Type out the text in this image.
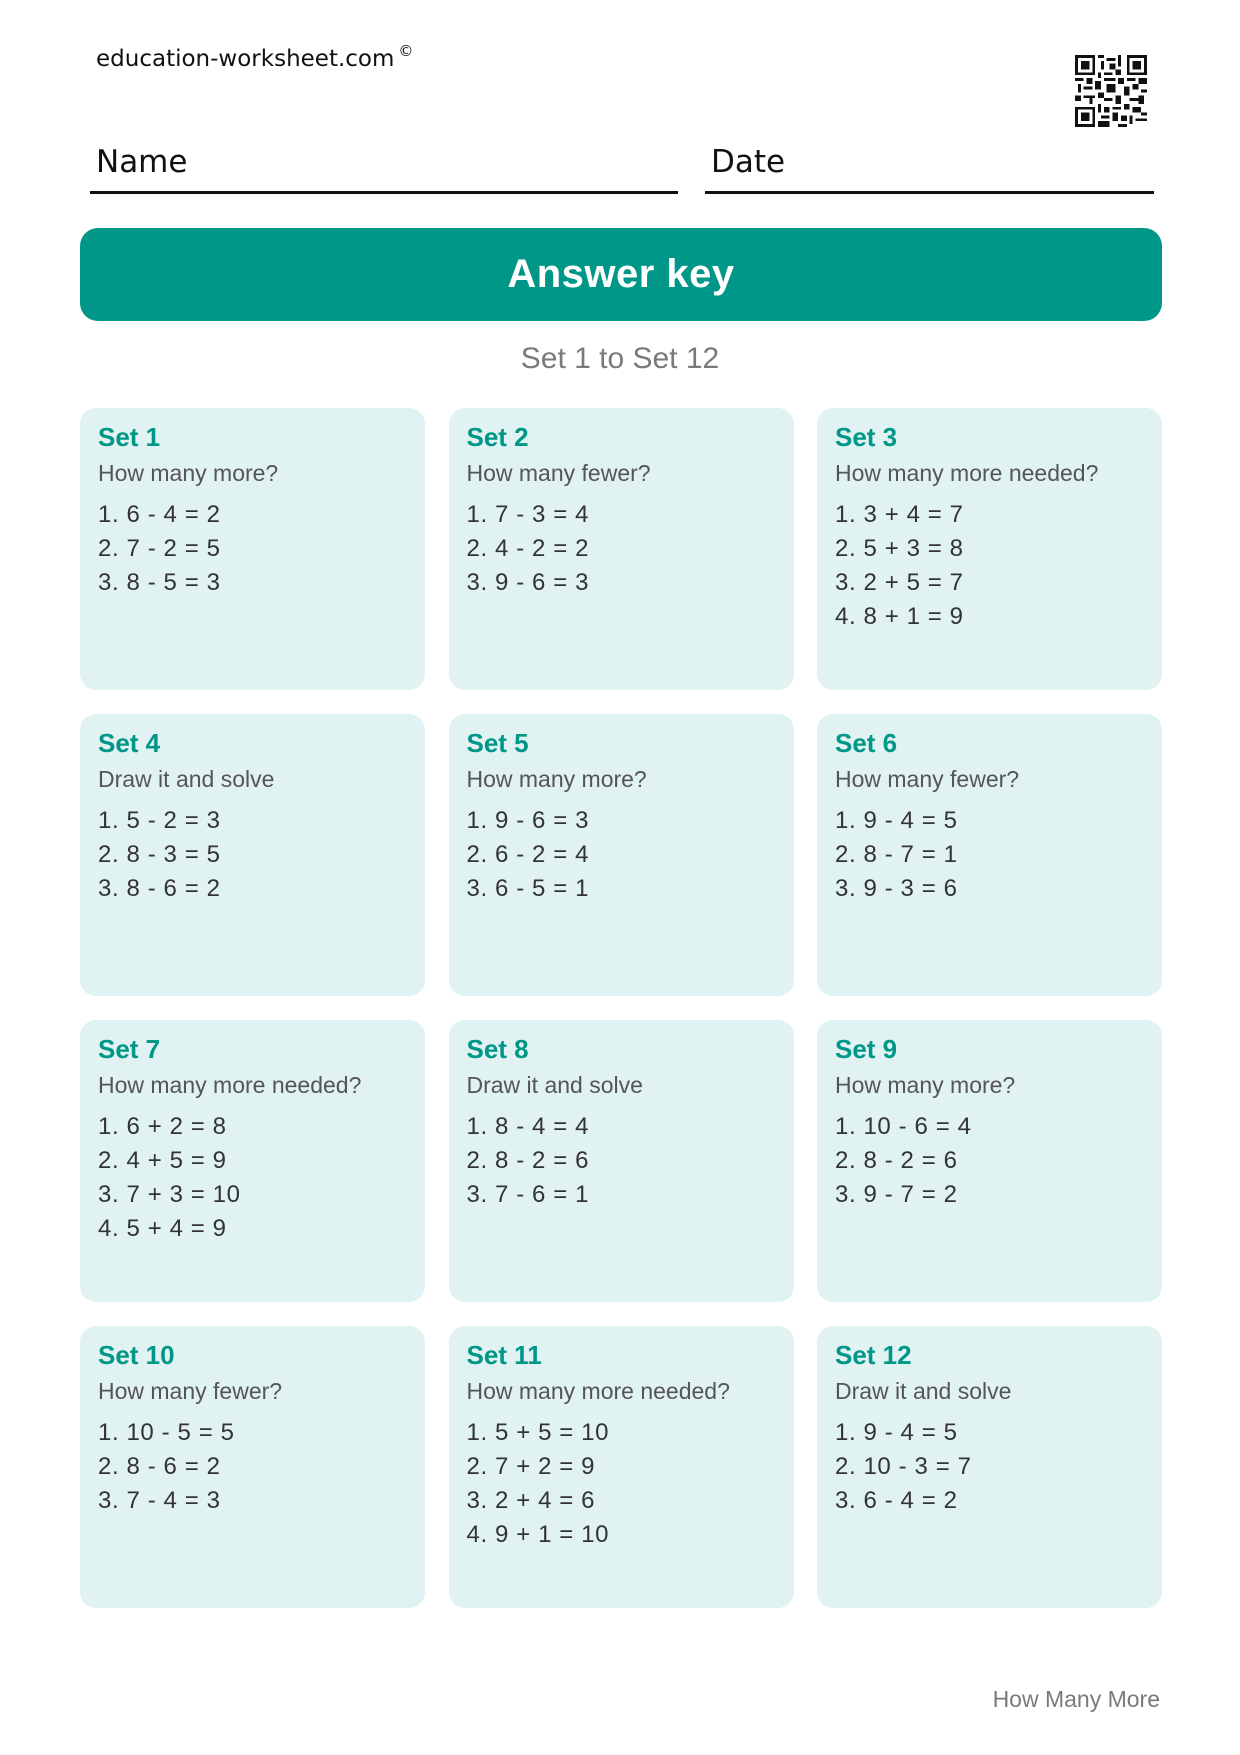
education-worksheet.com ©
Name	Date
Answer key
Set 1 to Set 12
Set 1
How many more?
1. 6 - 4 = 2
2. 7 - 2 = 5
3. 8 - 5 = 3
Set 2
How many fewer?
1. 7 - 3 = 4
2. 4 - 2 = 2
3. 9 - 6 = 3
Set 3
How many more needed?
1. 3 + 4 = 7
2. 5 + 3 = 8
3. 2 + 5 = 7
4. 8 + 1 = 9
Set 4
Draw it and solve
1. 5 - 2 = 3
2. 8 - 3 = 5
3. 8 - 6 = 2
Set 5
How many more?
1. 9 - 6 = 3
2. 6 - 2 = 4
3. 6 - 5 = 1
Set 6
How many fewer?
1. 9 - 4 = 5
2. 8 - 7 = 1
3. 9 - 3 = 6
Set 7
How many more needed?
1. 6 + 2 = 8
2. 4 + 5 = 9
3. 7 + 3 = 10
4. 5 + 4 = 9
Set 8
Draw it and solve
1. 8 - 4 = 4
2. 8 - 2 = 6
3. 7 - 6 = 1
Set 9
How many more?
1. 10 - 6 = 4
2. 8 - 2 = 6
3. 9 - 7 = 2
Set 10
How many fewer?
1. 10 - 5 = 5
2. 8 - 6 = 2
3. 7 - 4 = 3
Set 11
How many more needed?
1. 5 + 5 = 10
2. 7 + 2 = 9
3. 2 + 4 = 6
4. 9 + 1 = 10
Set 12
Draw it and solve
1. 9 - 4 = 5
2. 10 - 3 = 7
3. 6 - 4 = 2
How Many More
